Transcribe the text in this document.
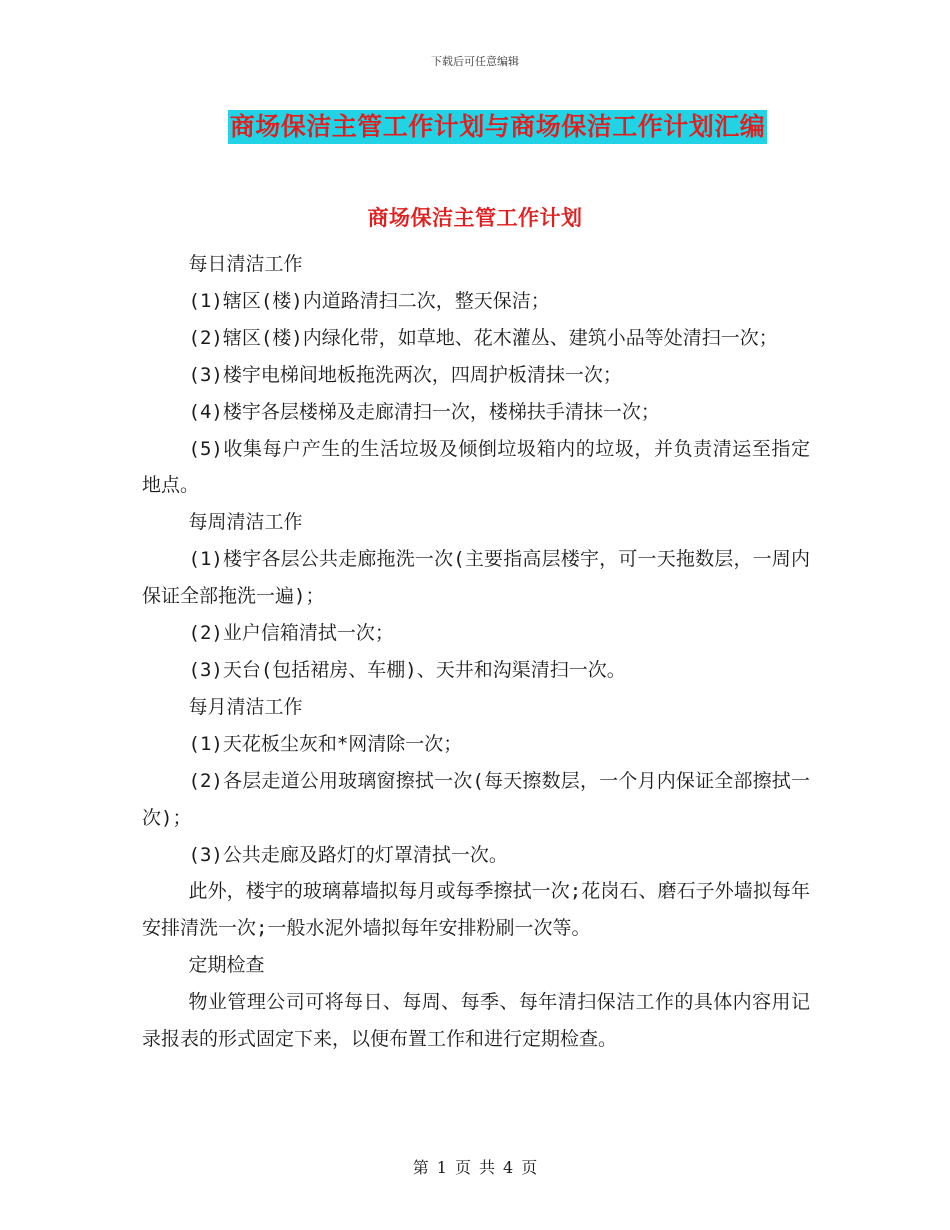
下载后可任意编辑
商场保洁主管工作计划与商场保洁工作计划汇编
商场保洁主管工作计划

每日清洁工作

(1)辖区(楼)内道路清扫二次，整天保洁；

(2)辖区(楼)内绿化带，如草地、花木灌丛、建筑小品等处清扫一次；

(3)楼宇电梯间地板拖洗两次，四周护板清抹一次；

(4)楼宇各层楼梯及走廊清扫一次，楼梯扶手清抹一次；

(5)收集每户产生的生活垃圾及倾倒垃圾箱内的垃圾，并负责清运至指定地点。

每周清洁工作

(1)楼宇各层公共走廊拖洗一次(主要指高层楼宇，可一天拖数层，一周内保证全部拖洗一遍)；

(2)业户信箱清拭一次；

(3)天台(包括裙房、车棚)、天井和沟渠清扫一次。

每月清洁工作

(1)天花板尘灰和*网清除一次；

(2)各层走道公用玻璃窗擦拭一次(每天擦数层，一个月内保证全部擦拭一次)；

(3)公共走廊及路灯的灯罩清拭一次。

此外，楼宇的玻璃幕墙拟每月或每季擦拭一次;花岗石、磨石子外墙拟每年安排清洗一次;一般水泥外墙拟每年安排粉刷一次等。

定期检查

物业管理公司可将每日、每周、每季、每年清扫保洁工作的具体内容用记录报表的形式固定下来，以便布置工作和进行定期检查。

第 1 页 共 4 页
